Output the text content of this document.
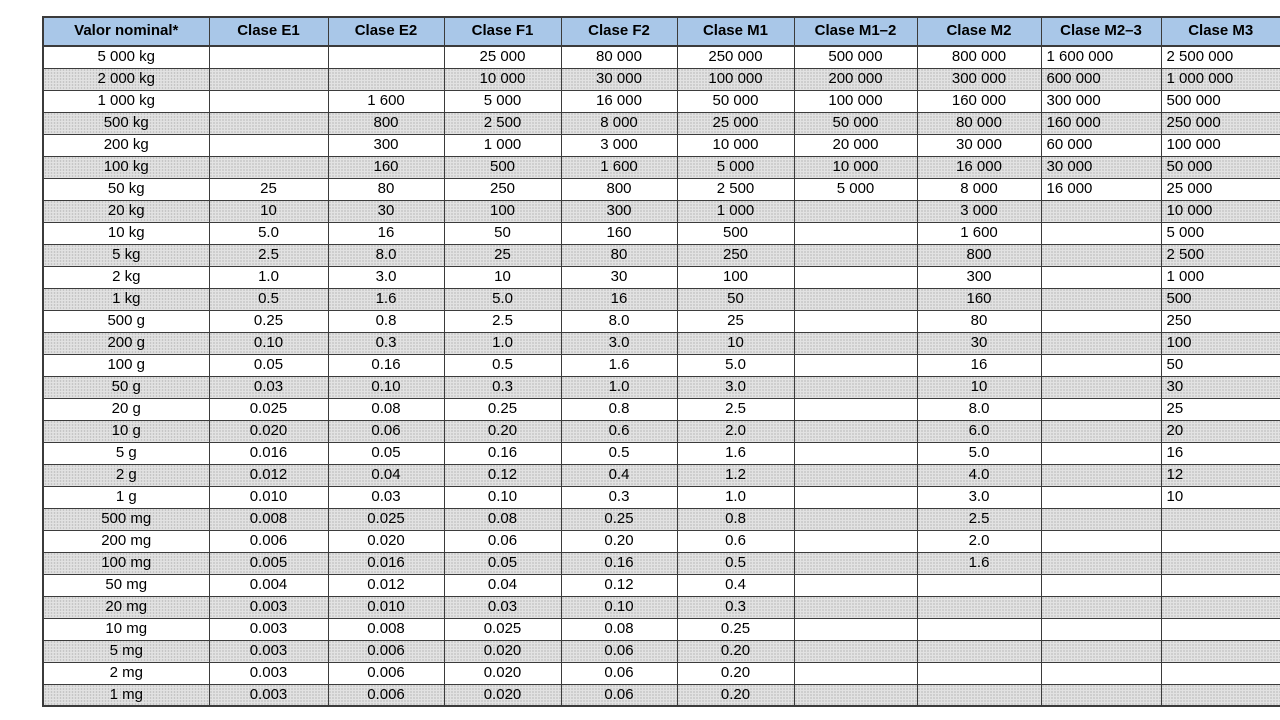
Valor nominal*	Clase E1	Clase E2	Clase F1	Clase F2	Clase M1	Clase M1–2	Clase M2	Clase M2–3	Clase M3
5 000 kg			25 000	80 000	250 000	500 000	800 000	1 600 000	2 500 000
2 000 kg			10 000	30 000	100 000	200 000	300 000	600 000	1 000 000
1 000 kg		1 600	5 000	16 000	50 000	100 000	160 000	300 000	500 000
500 kg		800	2 500	8 000	25 000	50 000	80 000	160 000	250 000
200 kg		300	1 000	3 000	10 000	20 000	30 000	60 000	100 000
100 kg		160	500	1 600	5 000	10 000	16 000	30 000	50 000
50 kg	25	80	250	800	2 500	5 000	8 000	16 000	25 000
20 kg	10	30	100	300	1 000		3 000		10 000
10 kg	5.0	16	50	160	500		1 600		5 000
5 kg	2.5	8.0	25	80	250		800		2 500
2 kg	1.0	3.0	10	30	100		300		1 000
1 kg	0.5	1.6	5.0	16	50		160		500
500 g	0.25	0.8	2.5	8.0	25		80		250
200 g	0.10	0.3	1.0	3.0	10		30		100
100 g	0.05	0.16	0.5	1.6	5.0		16		50
50 g	0.03	0.10	0.3	1.0	3.0		10		30
20 g	0.025	0.08	0.25	0.8	2.5		8.0		25
10 g	0.020	0.06	0.20	0.6	2.0		6.0		20
5 g	0.016	0.05	0.16	0.5	1.6		5.0		16
2 g	0.012	0.04	0.12	0.4	1.2		4.0		12
1 g	0.010	0.03	0.10	0.3	1.0		3.0		10
500 mg	0.008	0.025	0.08	0.25	0.8		2.5		
200 mg	0.006	0.020	0.06	0.20	0.6		2.0		
100 mg	0.005	0.016	0.05	0.16	0.5		1.6		
50 mg	0.004	0.012	0.04	0.12	0.4				
20 mg	0.003	0.010	0.03	0.10	0.3				
10 mg	0.003	0.008	0.025	0.08	0.25				
5 mg	0.003	0.006	0.020	0.06	0.20				
2 mg	0.003	0.006	0.020	0.06	0.20				
1 mg	0.003	0.006	0.020	0.06	0.20				
